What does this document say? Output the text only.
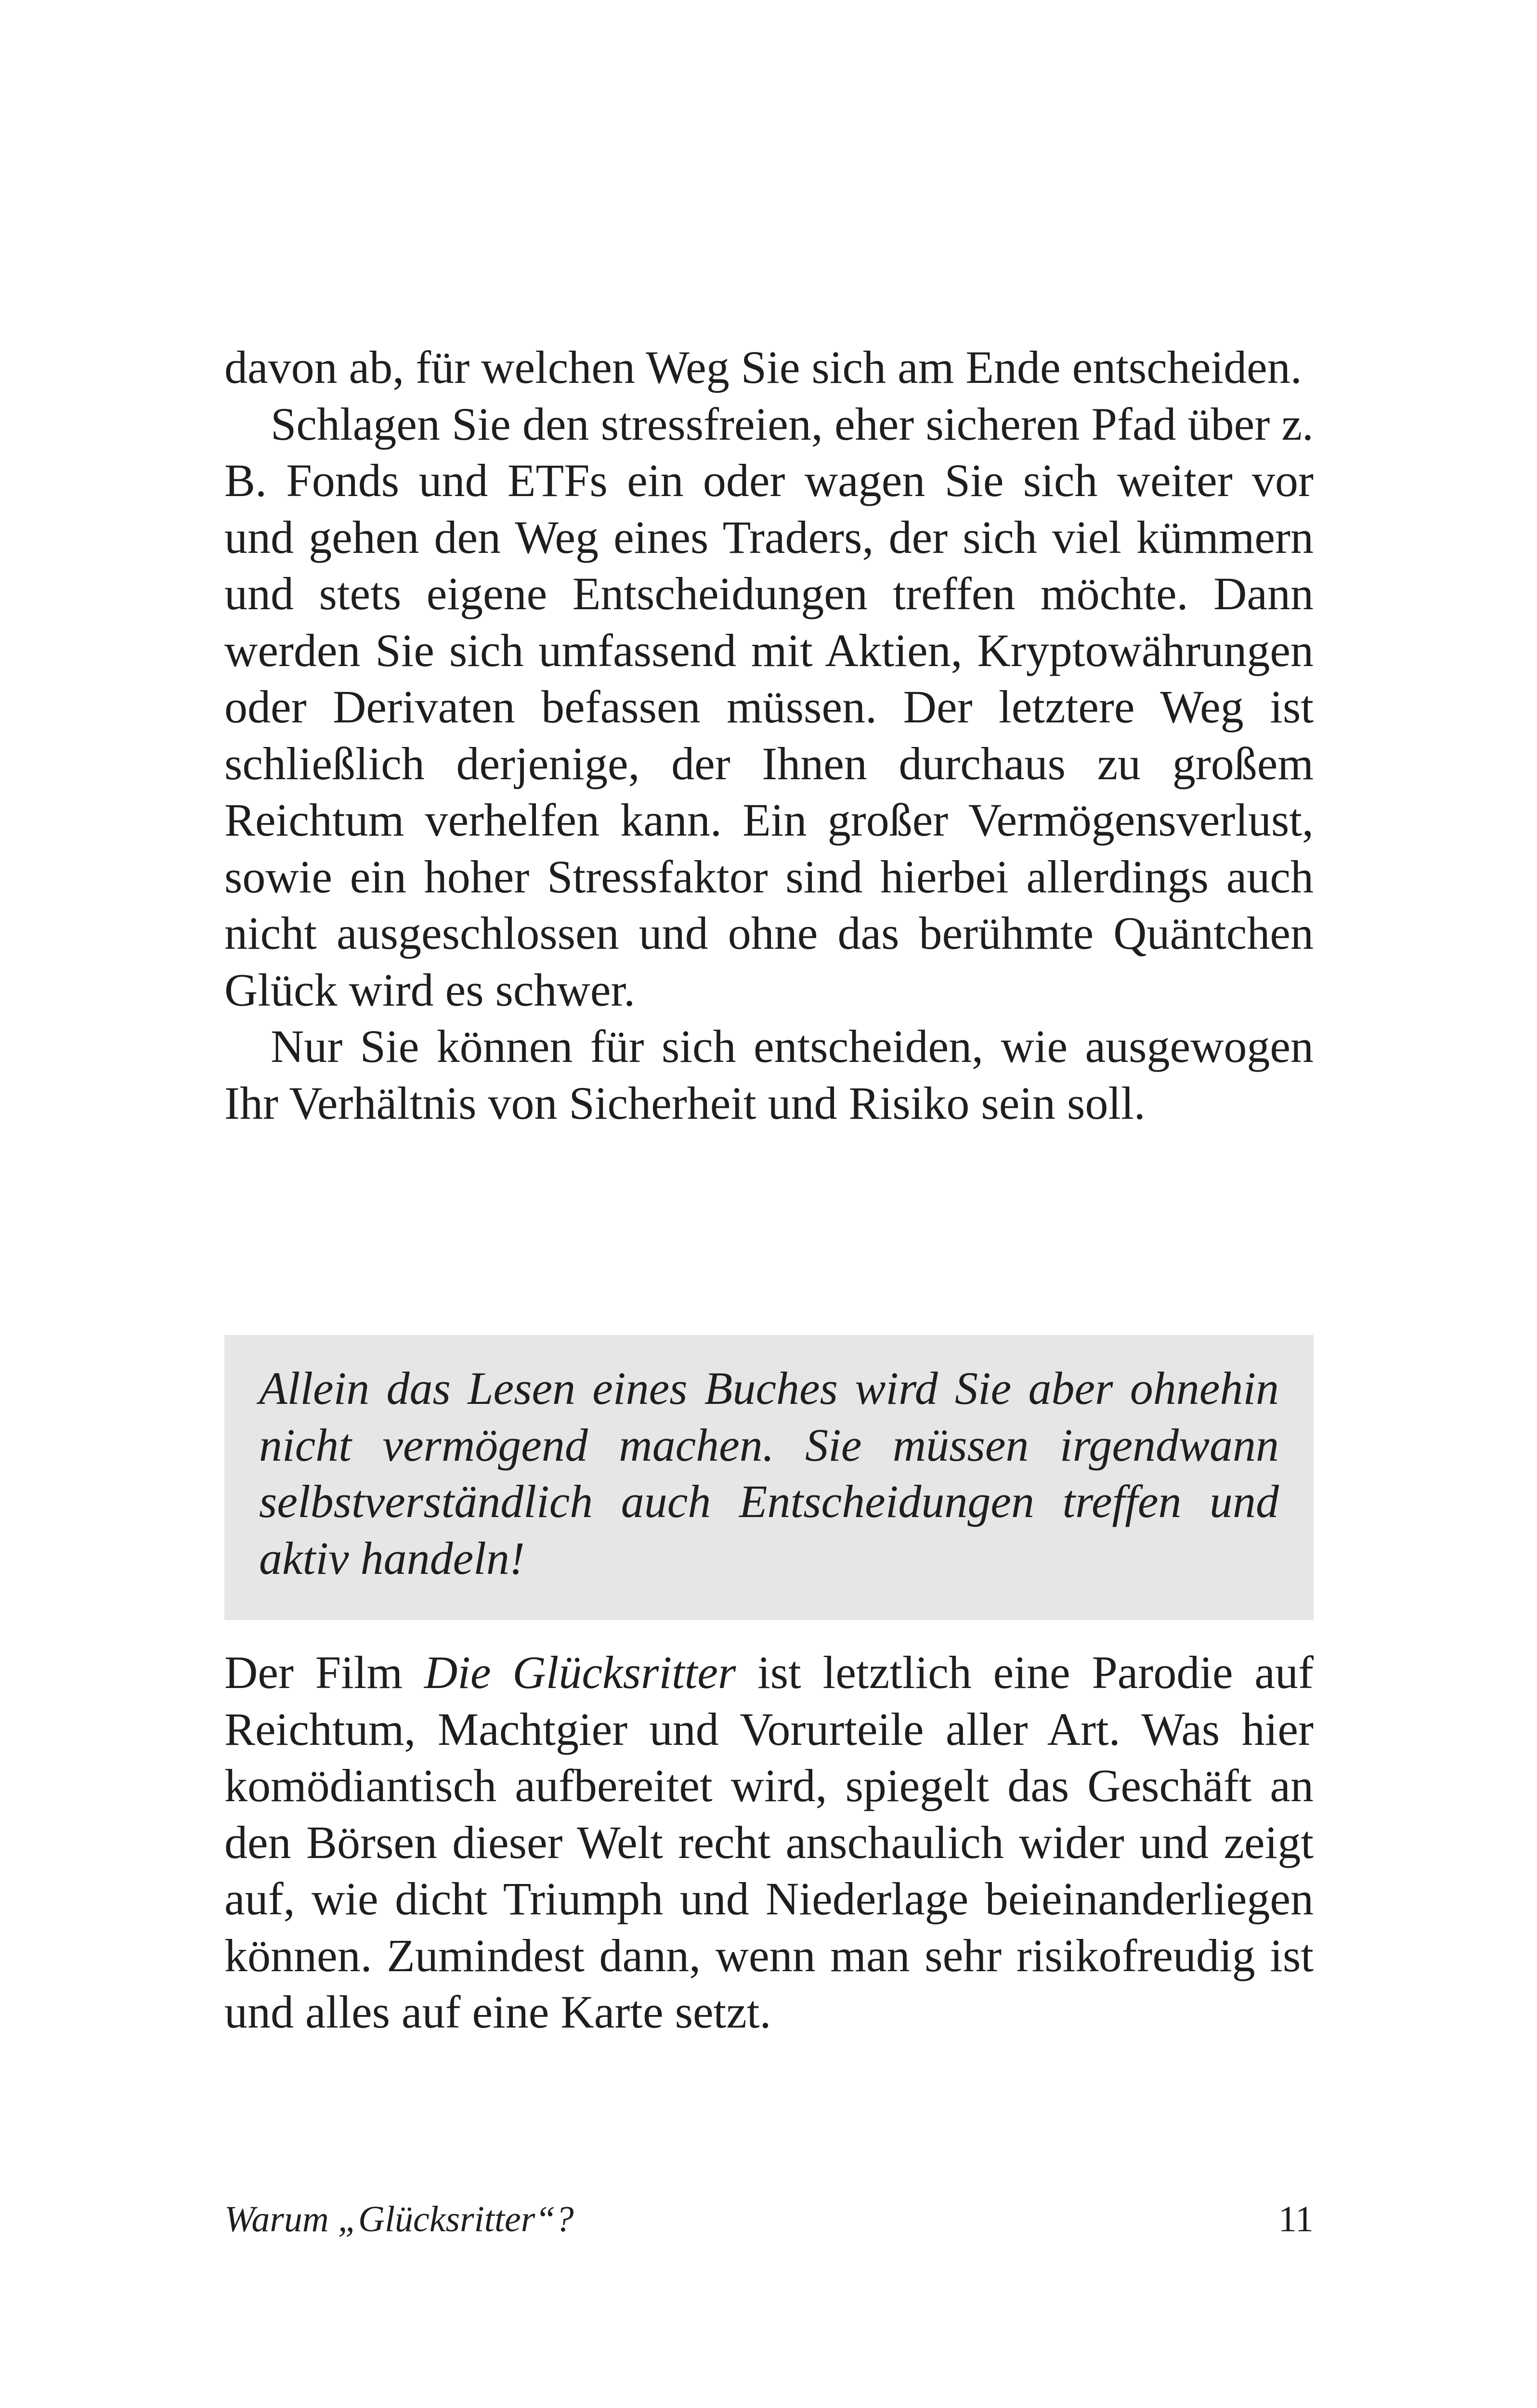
davon ab, für welchen Weg Sie sich am Ende entscheiden.

Schlagen Sie den stressfreien, eher sicheren Pfad über z. B. Fonds und ETFs ein oder wagen Sie sich weiter vor und gehen den Weg eines Traders, der sich viel kümmern und stets eigene Entscheidungen treffen möchte. Dann werden Sie sich umfassend mit Aktien, Kryptowährungen oder Derivaten befassen müssen. Der letztere Weg ist schließlich derjenige, der Ihnen durchaus zu großem Reichtum verhelfen kann. Ein großer Vermögensverlust, sowie ein hoher Stressfaktor sind hierbei allerdings auch nicht ausgeschlossen und ohne das berühmte Quäntchen Glück wird es schwer.

Nur Sie können für sich entscheiden, wie ausgewogen Ihr Verhältnis von Sicherheit und Risiko sein soll.

Allein das Lesen eines Buches wird Sie aber ohnehin nicht vermögend machen. Sie müssen irgendwann selbstverständlich auch Entscheidungen treffen und aktiv handeln!

Der Film Die Glücksritter ist letztlich eine Parodie auf Reichtum, Machtgier und Vorurteile aller Art. Was hier komödiantisch aufbereitet wird, spiegelt das Geschäft an den Börsen dieser Welt recht anschaulich wider und zeigt auf, wie dicht Triumph und Niederlage beieinanderliegen können. Zumindest dann, wenn man sehr risikofreudig ist und alles auf eine Karte setzt.

Warum „Glücksritter“?	11
